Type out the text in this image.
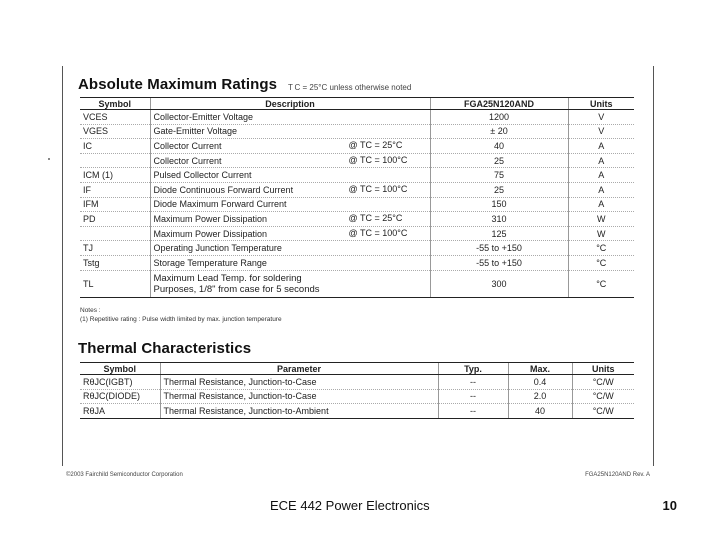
Absolute Maximum Ratings T C = 25°C unless otherwise noted
Symbol	Description	FGA25N120AND	Units
VCES	Collector-Emitter Voltage	1200	V
VGES	Gate-Emitter Voltage	± 20	V
IC	Collector Current @ TC = 25°C	40	A
	Collector Current @ TC = 100°C	25	A
ICM (1)	Pulsed Collector Current	75	A
IF	Diode Continuous Forward Current @ TC = 100°C	25	A
IFM	Diode Maximum Forward Current	150	A
PD	Maximum Power Dissipation @ TC = 25°C	310	W
	Maximum Power Dissipation @ TC = 100°C	125	W
TJ	Operating Junction Temperature	-55 to +150	°C
Tstg	Storage Temperature Range	-55 to +150	°C
TL	Maximum Lead Temp. for soldering Purposes, 1/8" from case for 5 seconds	300	°C
Notes :
(1) Repetitive rating : Pulse width limited by max. junction temperature
Thermal Characteristics
Symbol	Parameter	Typ.	Max.	Units
RθJC(IGBT)	Thermal Resistance, Junction-to-Case	--	0.4	°C/W
RθJC(DIODE)	Thermal Resistance, Junction-to-Case	--	2.0	°C/W
RθJA	Thermal Resistance, Junction-to-Ambient	--	40	°C/W
©2003 Fairchild Semiconductor Corporation	FGA25N120AND Rev. A
ECE 442 Power Electronics	10
